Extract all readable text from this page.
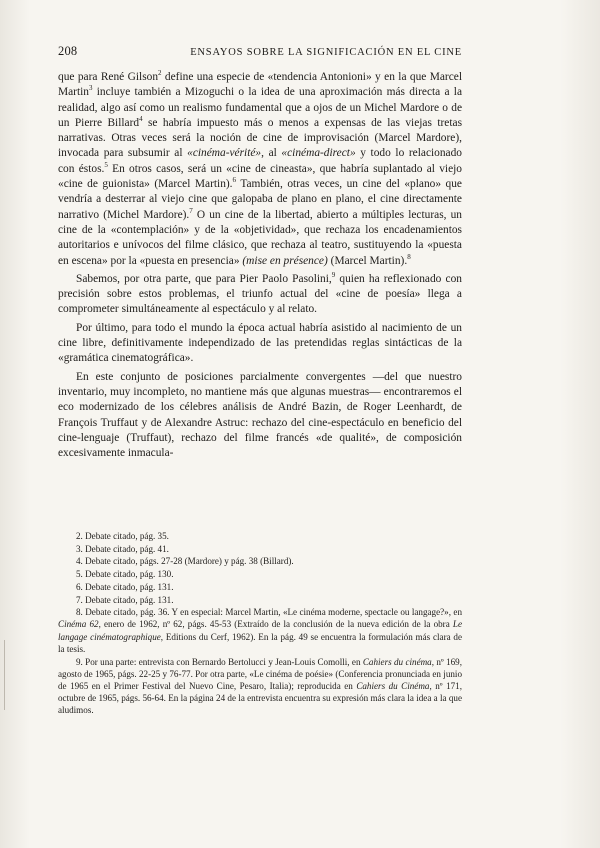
208	ENSAYOS SOBRE LA SIGNIFICACIÓN EN EL CINE

que para René Gilson$^2$ define una especie de «tendencia Antonioni» y en la que Marcel Martin$^3$ incluye también a Mizoguchi o la idea de una aproximación más directa a la realidad, algo así como un realismo fundamental que a ojos de un Michel Mardore o de un Pierre Billard$^4$ se habría impuesto más o menos a expensas de las viejas tretas narrativas. Otras veces será la noción de cine de improvisación (Marcel Mardore), invocada para subsumir al «cinéma-vérité», al «cinéma-direct» y todo lo relacionado con éstos.$^5$ En otros casos, será un «cine de cineasta», que habría suplantado al viejo «cine de guionista» (Marcel Martin).$^6$ También, otras veces, un cine del «plano» que vendría a desterrar al viejo cine que galopaba de plano en plano, el cine directamente narrativo (Michel Mardore).$^7$ O un cine de la libertad, abierto a múltiples lecturas, un cine de la «contemplación» y de la «objetividad», que rechaza los encadenamientos autoritarios e unívocos del filme clásico, que rechaza al teatro, sustituyendo la «puesta en escena» por la «puesta en presencia» (mise en présence) (Marcel Martin).$^8$

Sabemos, por otra parte, que para Pier Paolo Pasolini,$^9$ quien ha reflexionado con precisión sobre estos problemas, el triunfo actual del «cine de poesía» llega a comprometer simultáneamente al espectáculo y al relato.

Por último, para todo el mundo la época actual habría asistido al nacimiento de un cine libre, definitivamente independizado de las pretendidas reglas sintácticas de la «gramática cinematográfica».

En este conjunto de posiciones parcialmente convergentes —del que nuestro inventario, muy incompleto, no mantiene más que algunas muestras— encontraremos el eco modernizado de los célebres análisis de André Bazin, de Roger Leenhardt, de François Truffaut y de Alexandre Astruc: rechazo del cine-espectáculo en beneficio del cine-lenguaje (Truffaut), rechazo del filme francés «de qualité», de composición excesivamente inmacula-

2. Debate citado, pág. 35.
3. Debate citado, pág. 41.
4. Debate citado, págs. 27-28 (Mardore) y pág. 38 (Billard).
5. Debate citado, pág. 130.
6. Debate citado, pág. 131.
7. Debate citado, pág. 131.
8. Debate citado, pág. 36. Y en especial: Marcel Martin, «Le cinéma moderne, spectacle ou langage?», en Cinéma 62, enero de 1962, nº 62, págs. 45-53 (Extraído de la conclusión de la nueva edición de la obra Le langage cinématographique, Editions du Cerf, 1962). En la pág. 49 se encuentra la formulación más clara de la tesis.
9. Por una parte: entrevista con Bernardo Bertolucci y Jean-Louis Comolli, en Cahiers du cinéma, nº 169, agosto de 1965, págs. 22-25 y 76-77. Por otra parte, «Le cinéma de poésie» (Conferencia pronunciada en junio de 1965 en el Primer Festival del Nuevo Cine, Pesaro, Italia); reproducida en Cahiers du Cinéma, nº 171, octubre de 1965, págs. 56-64. En la página 24 de la entrevista encuentra su expresión más clara la idea a la que aludimos.
